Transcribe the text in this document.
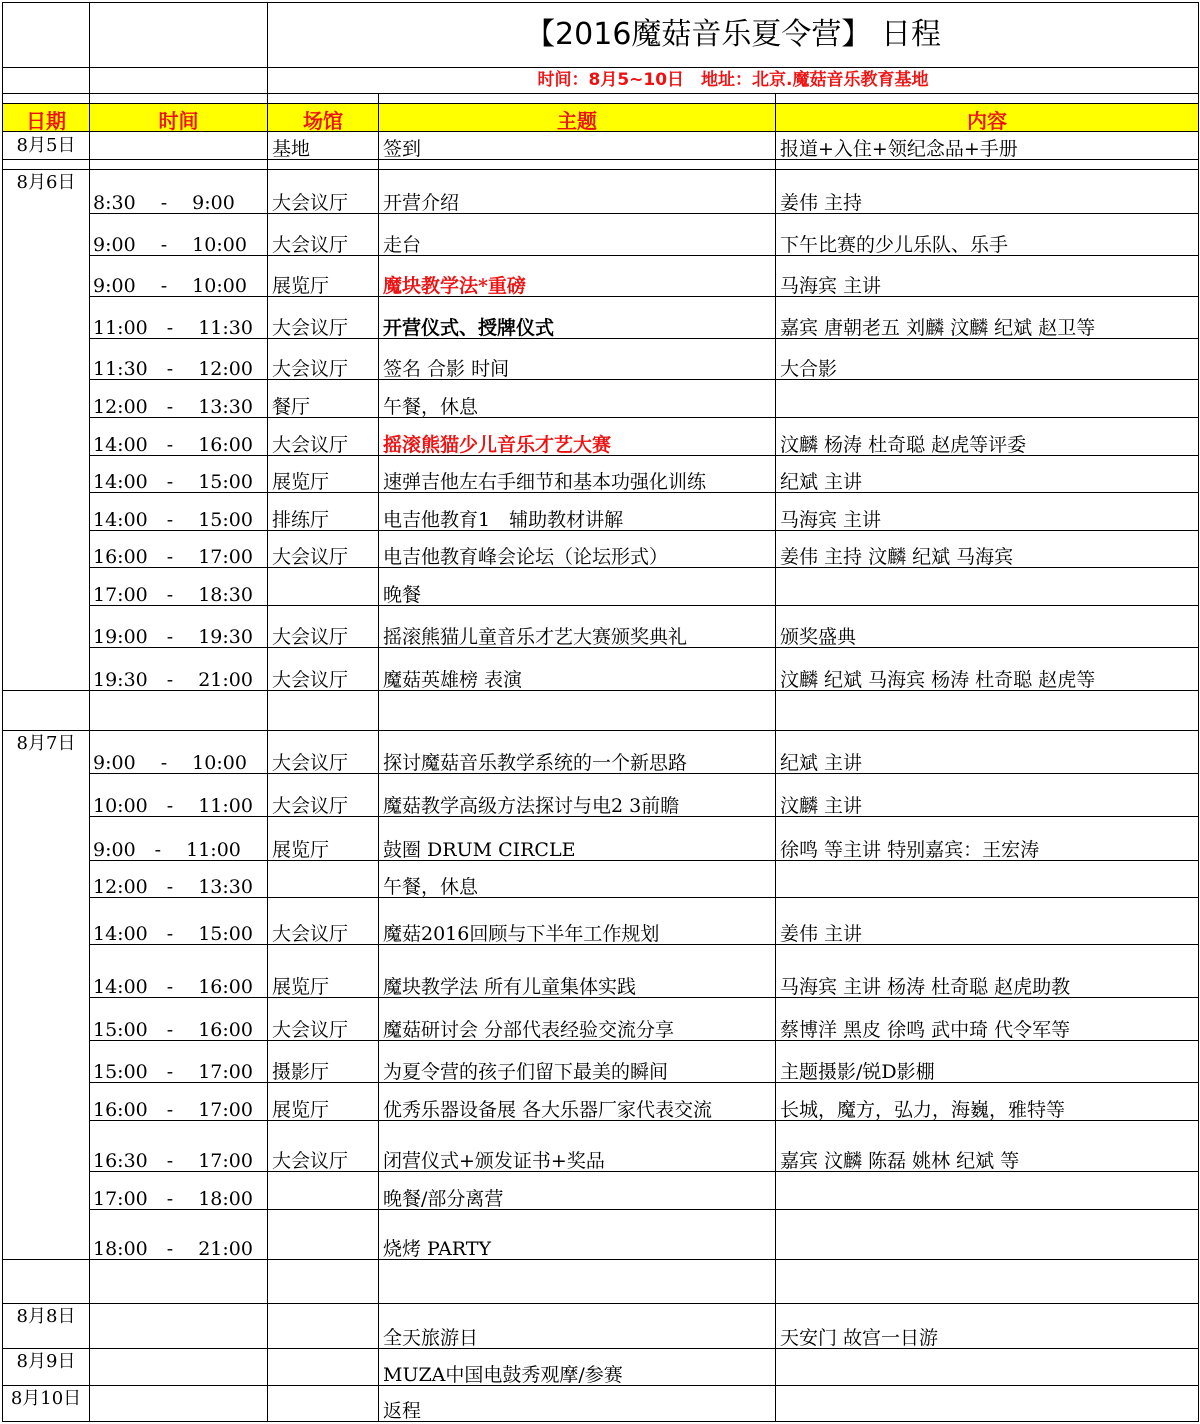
		【2016魔菇音乐夏令营】 日程		
		时间：8月5~10日　地址：北京.魔菇音乐教育基地		

日期	时间	场馆	主题	内容
8月5日		基地	签到	报道+入住+领纪念品+手册

8月6日	8:30　 -　 9:00	大会议厅	开营介绍	姜伟 主持
	9:00　 -　 10:00	大会议厅	走台	下午比赛的少儿乐队、乐手
	9:00　 -　 10:00	展览厅	魔块教学法*重磅	马海宾 主讲
	11:00　-　 11:30	大会议厅	开营仪式、授牌仪式	嘉宾 唐朝老五 刘麟 汶麟 纪斌 赵卫等
	11:30　-　 12:00	大会议厅	签名 合影 时间	大合影
	12:00　-　 13:30	餐厅	午餐，休息	
	14:00　-　 16:00	大会议厅	摇滚熊猫少儿音乐才艺大赛	汶麟 杨涛 杜奇聪 赵虎等评委
	14:00　-　 15:00	展览厅	速弹吉他左右手细节和基本功强化训练	纪斌 主讲
	14:00　-　 15:00	排练厅	电吉他教育1　辅助教材讲解	马海宾 主讲
	16:00　-　 17:00	大会议厅	电吉他教育峰会论坛（论坛形式）	姜伟 主持 汶麟 纪斌 马海宾
	17:00　-　 18:30		晚餐	
	19:00　-　 19:30	大会议厅	摇滚熊猫儿童音乐才艺大赛颁奖典礼	颁奖盛典
	19:30　-　 21:00	大会议厅	魔菇英雄榜 表演	汶麟 纪斌 马海宾 杨涛 杜奇聪 赵虎等

8月7日	9:00　 -　 10:00	大会议厅	探讨魔菇音乐教学系统的一个新思路	纪斌 主讲
	10:00　-　 11:00	大会议厅	魔菇教学高级方法探讨与电2 3前瞻	汶麟 主讲
	9:00　-　 11:00	展览厅	鼓圈 DRUM CIRCLE	徐鸣 等主讲 特别嘉宾：王宏涛
	12:00　-　 13:30		午餐，休息	
	14:00　-　 15:00	大会议厅	魔菇2016回顾与下半年工作规划	姜伟 主讲
	14:00　-　 16:00	展览厅	魔块教学法 所有儿童集体实践	马海宾 主讲 杨涛 杜奇聪 赵虎助教
	15:00　-　 16:00	大会议厅	魔菇研讨会 分部代表经验交流分享	蔡博洋 黑皮 徐鸣 武中琦 代令军等
	15:00　-　 17:00	摄影厅	为夏令营的孩子们留下最美的瞬间	主题摄影/锐D影棚
	16:00　-　 17:00	展览厅	优秀乐器设备展 各大乐器厂家代表交流	长城，魔方，弘力，海巍，雅特等
	16:30　-　 17:00	大会议厅	闭营仪式+颁发证书+奖品	嘉宾 汶麟 陈磊 姚林 纪斌 等
	17:00　-　 18:00		晚餐/部分离营	
	18:00　-　 21:00		烧烤 PARTY	

8月8日			全天旅游日	天安门 故宫一日游
8月9日			MUZA中国电鼓秀观摩/参赛	
8月10日			返程	
